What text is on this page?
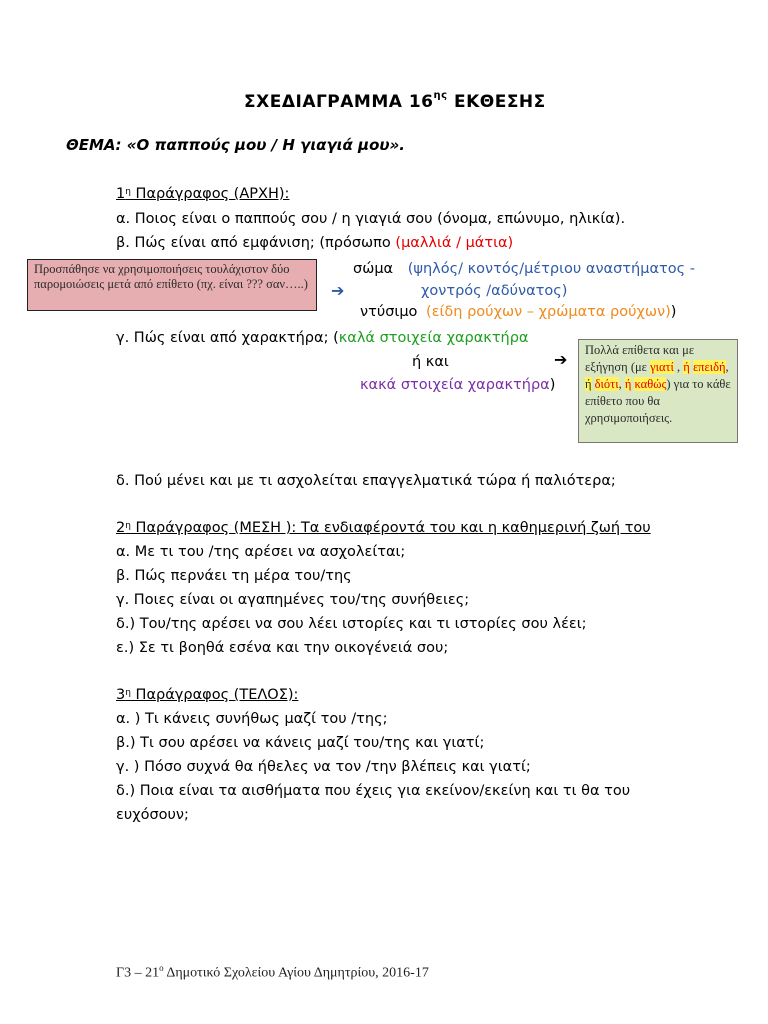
ΣΧΕΔΙΑΓΡΑΜΜΑ $16^{\eta\varsigma}$ ΕΚΘΕΣΗΣ
ΘΕΜΑ: «Ο παππούς μου / Η γιαγιά μου».
$1^\eta$ Παράγραφος (ΑΡΧΗ):
α. Ποιος είναι ο παππούς σου / η γιαγιά σου (όνομα, επώνυμο, ηλικία).
β. Πώς είναι από εμφάνιση; (πρόσωπο (μαλλιά / μάτια)
Προσπάθησε να χρησιμοποιήσεις τουλάχιστον δύο παρομοιώσεις μετά από επίθετο (πχ. είναι ??? σαν…..)
σώμα (ψηλός/ κοντός/μέτριου αναστήματος -
➔	χοντρός /αδύνατος)
ντύσιμο (είδη ρούχων – χρώματα ρούχων))
γ. Πώς είναι από χαρακτήρα; (καλά στοιχεία χαρακτήρα
ή και	➔
κακά στοιχεία χαρακτήρα)
Πολλά επίθετα και με εξήγηση (με γιατί , ή επειδή, ή διότι, ή καθώς) για το κάθε επίθετο που θα χρησιμοποιήσεις.
δ. Πού μένει και με τι ασχολείται επαγγελματικά τώρα ή παλιότερα;
$2^\eta$ Παράγραφος (ΜΕΣΗ ): Τα ενδιαφέροντά του και η καθημερινή ζωή του
α. Με τι του /της αρέσει να ασχολείται;
β. Πώς περνάει τη μέρα του/της
γ. Ποιες είναι οι αγαπημένες του/της συνήθειες;
δ.) Του/της αρέσει να σου λέει ιστορίες και τι ιστορίες σου λέει;
ε.) Σε τι βοηθά εσένα και την οικογένειά σου;
$3^\eta$ Παράγραφος (ΤΕΛΟΣ):
α. ) Τι κάνεις συνήθως μαζί του /της;
β.) Τι σου αρέσει να κάνεις μαζί του/της και γιατί;
γ. ) Πόσο συχνά θα ήθελες να τον /την βλέπεις και γιατί;
δ.) Ποια είναι τα αισθήματα που έχεις για εκείνον/εκείνη και τι θα του
ευχόσουν;
$\Gamma 3 - 21^o$ Δημοτικό Σχολείου Αγίου Δημητρίου, 2016-17
